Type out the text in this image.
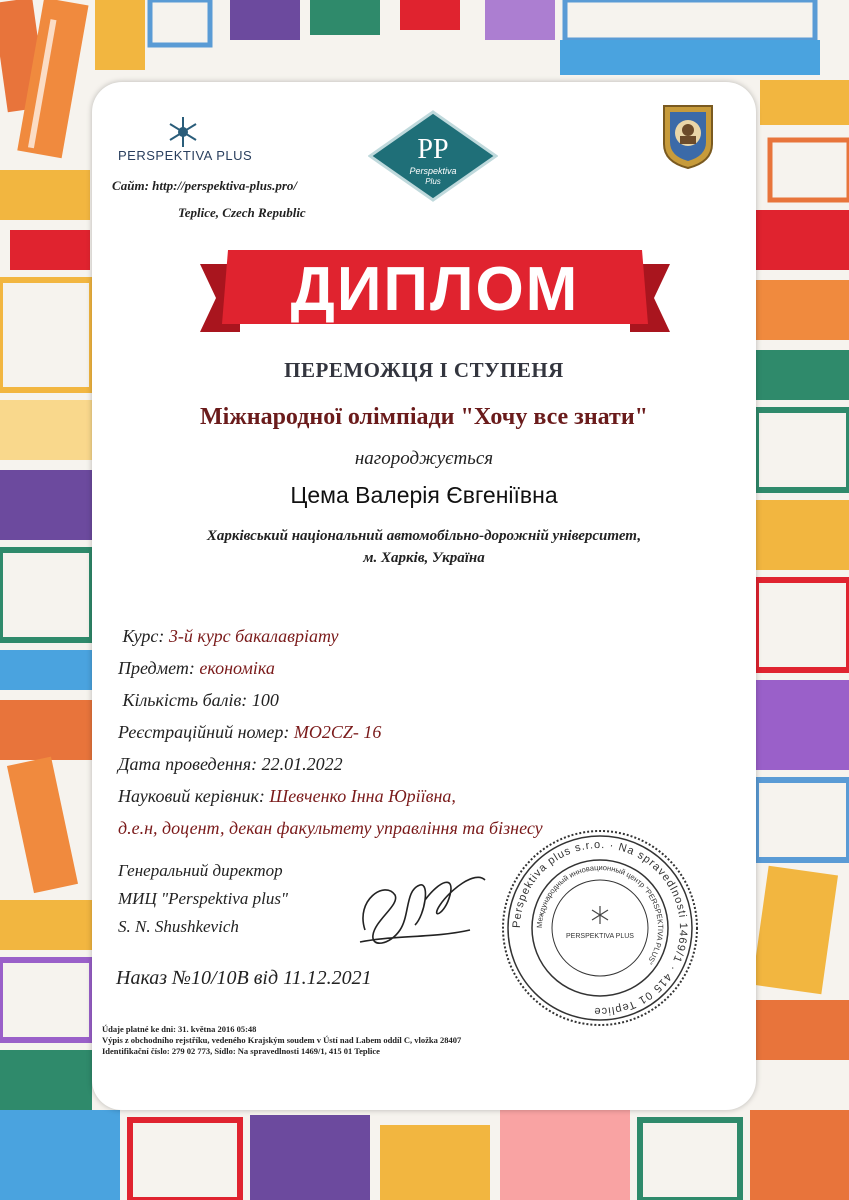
PERSPEKTIVA PLUS
Сайт: http://perspektiva-plus.pro/
Teplice, Czech Republic
PP
Perspektiva
Plus
ДИПЛОМ
ПЕРЕМОЖЦЯ І СТУПЕНЯ
Міжнародної олімпіади "Хочу все знати"
нагороджується
Цема Валерія Євгеніївна
Харківський національний автомобільно-дорожній університет,
м. Харків, Україна
Курс: 3-й курс бакалавріату
Предмет: економіка
Кількість балів: 100
Реєстраційний номер: МО2CZ- 16
Дата проведення: 22.01.2022
Науковий керівник: Шевченко Інна Юріївна,
д.е.н, доцент, декан факультету управління та бізнесу
Генеральний директор
МИЦ "Perspektiva plus"
S. N. Shushkevich
Наказ №10/10В від 11.12.2021
Perspektiva plus s.r.o. · Na spravedlnosti 1469/1 · 415 01 Teplice
Международный инновационный центр "PERSPEKTIVA PLUS"
PERSPEKTIVA PLUS
Údaje platné ke dni: 31. května 2016 05:48
Výpis z obchodního rejstříku, vedeného Krajským soudem v Ústí nad Labem oddíl C, vložka 28407
Identifikační číslo: 279 02 773, Sídlo: Na spravedlnosti 1469/1, 415 01 Teplice
